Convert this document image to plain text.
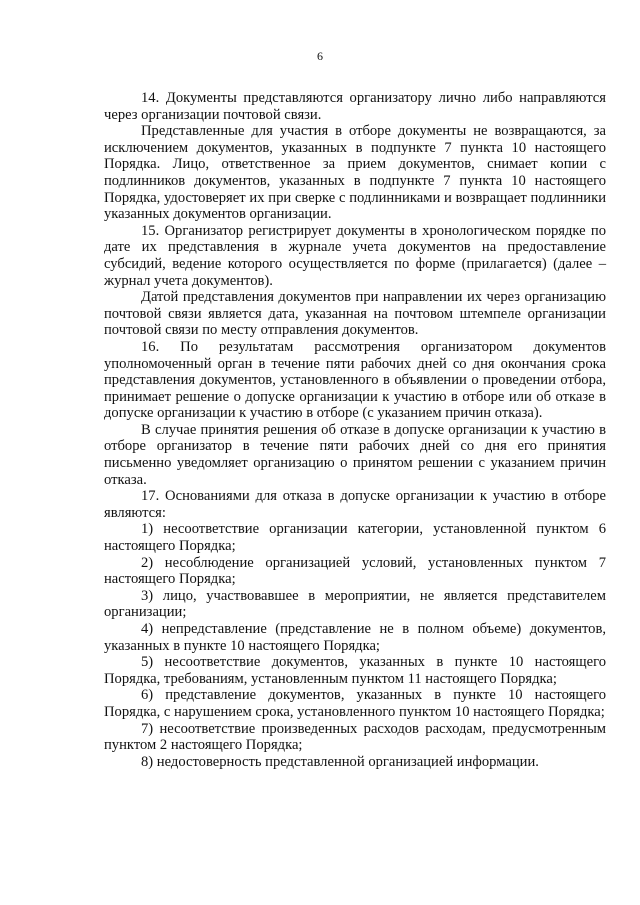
6

14. Документы представляются организатору лично либо направляются через организации почтовой связи.

Представленные для участия в отборе документы не возвращаются, за исключением документов, указанных в подпункте 7 пункта 10 настоящего Порядка. Лицо, ответственное за прием документов, снимает копии с подлинников документов, указанных в подпункте 7 пункта 10 настоящего Порядка, удостоверяет их при сверке с подлинниками и возвращает подлинники указанных документов организации.

15. Организатор регистрирует документы в хронологическом порядке по дате их представления в журнале учета документов на предоставление субсидий, ведение которого осуществляется по форме (прилагается) (далее – журнал учета документов).

Датой представления документов при направлении их через организацию почтовой связи является дата, указанная на почтовом штемпеле организации почтовой связи по месту отправления документов.

16. По результатам рассмотрения организатором документов уполномоченный орган в течение пяти рабочих дней со дня окончания срока представления документов, установленного в объявлении о проведении отбора, принимает решение о допуске организации к участию в отборе или об отказе в допуске организации к участию в отборе (с указанием причин отказа).

В случае принятия решения об отказе в допуске организации к участию в отборе организатор в течение пяти рабочих дней со дня его принятия письменно уведомляет организацию о принятом решении с указанием причин отказа.

17. Основаниями для отказа в допуске организации к участию в отборе являются:

1) несоответствие организации категории, установленной пунктом 6 настоящего Порядка;

2) несоблюдение организацией условий, установленных пунктом 7 настоящего Порядка;

3) лицо, участвовавшее в мероприятии, не является представителем организации;

4) непредставление (представление не в полном объеме) документов, указанных в пункте 10 настоящего Порядка;

5) несоответствие документов, указанных в пункте 10 настоящего Порядка, требованиям, установленным пунктом 11 настоящего Порядка;

6) представление документов, указанных в пункте 10 настоящего Порядка, с нарушением срока, установленного пунктом 10 настоящего Порядка;

7) несоответствие произведенных расходов расходам, предусмотренным пунктом 2 настоящего Порядка;

8) недостоверность представленной организацией информации.
